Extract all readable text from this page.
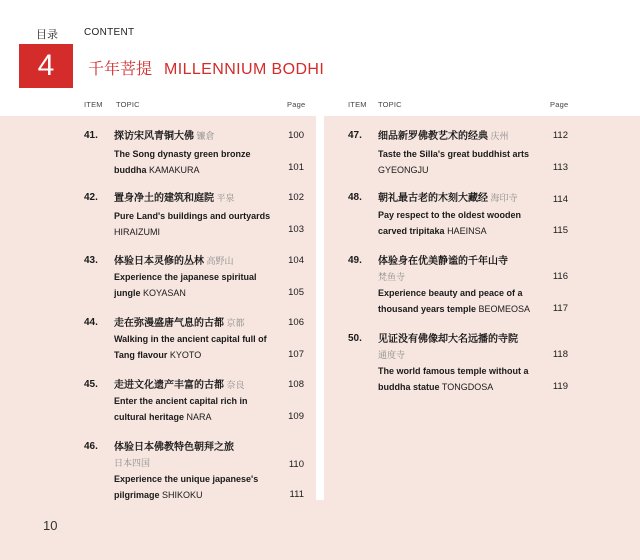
目录	CONTENT
4	千年菩提 MILLENNIUM BODHI
ITEM TOPIC	Page	ITEM TOPIC	Page
41. 探访宋风青铜大佛 镰倉
The Song dynasty green bronze
buddha KAMAKURA
100
101
42. 置身净土的建筑和庭院 平泉
Pure Land's buildings and ourtyards
HIRAIZUMI
102
103
43. 体验日本灵修的丛林 高野山
Experience the japanese spiritual
jungle KOYASAN
104
105
44. 走在弥漫盛唐气息的古都 京都
Walking in the ancient capital full of
Tang flavour KYOTO
106
107
45. 走进文化遗产丰富的古都 奈良
Enter the ancient capital rich in
cultural heritage NARA
108
109
46. 体验日本佛教特色朝拜之旅
日本四国
Experience the unique japanese's
pilgrimage SHIKOKU
110
111
47. 细品新罗佛教艺术的经典 庆州
Taste the Silla's great buddhist arts
GYEONGJU
112
113
48. 朝礼最古老的木刻大藏经 海印寺
Pay respect to the oldest wooden
carved tripitaka HAEINSA
114
115
49. 体验身在优美静谧的千年山寺
梵鱼寺
Experience beauty and peace of a
thousand years temple BEOMEOSA
116
117
50. 见证没有佛像却大名远播的寺院
通度寺
The world famous temple without a
buddha statue TONGDOSA
118
119
10
